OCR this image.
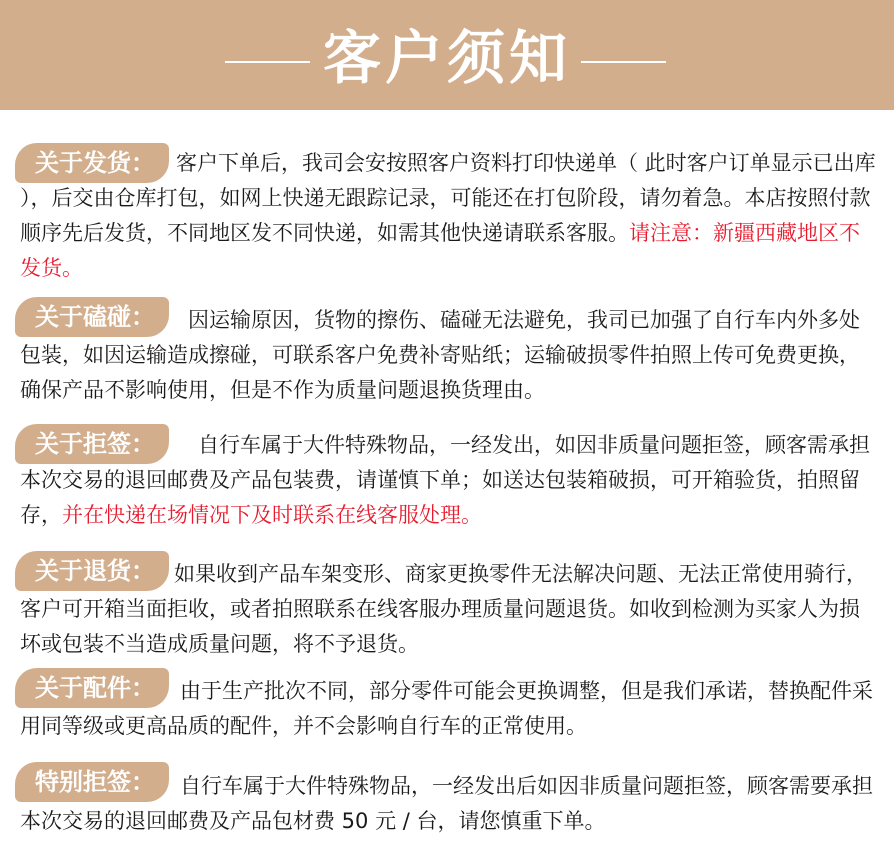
客户须知
关于发货：	客户下单后，我司会安按照客户资料打印快递单（ 此时客户订单显示已出库 ），后交由仓库打包，如网上快递无跟踪记录，可能还在打包阶段，请勿着急。本店按照付款顺序先后发货，不同地区发不同快递，如需其他快递请联系客服。请注意：新疆西藏地区不发货。
关于磕碰：	因运输原因，货物的擦伤、磕碰无法避免，我司已加强了自行车内外多处包装，如因运输造成擦碰，可联系客户免费补寄贴纸；运输破损零件拍照上传可免费更换，确保产品不影响使用，但是不作为质量问题退换货理由。
关于拒签：	自行车属于大件特殊物品，一经发出，如因非质量问题拒签，顾客需承担本次交易的退回邮费及产品包装费，请谨慎下单；如送达包装箱破损，可开箱验货，拍照留存，并在快递在场情况下及时联系在线客服处理。
关于退货： 如果收到产品车架变形、商家更换零件无法解决问题、无法正常使用骑行，客户可开箱当面拒收，或者拍照联系在线客服办理质量问题退货。如收到检测为买家人为损坏或包装不当造成质量问题，将不予退货。
关于配件：	由于生产批次不同，部分零件可能会更换调整，但是我们承诺，替换配件采用同等级或更高品质的配件，并不会影响自行车的正常使用。
特别拒签：	自行车属于大件特殊物品，一经发出后如因非质量问题拒签，顾客需要承担本次交易的退回邮费及产品包材费 50 元 / 台，请您慎重下单。
